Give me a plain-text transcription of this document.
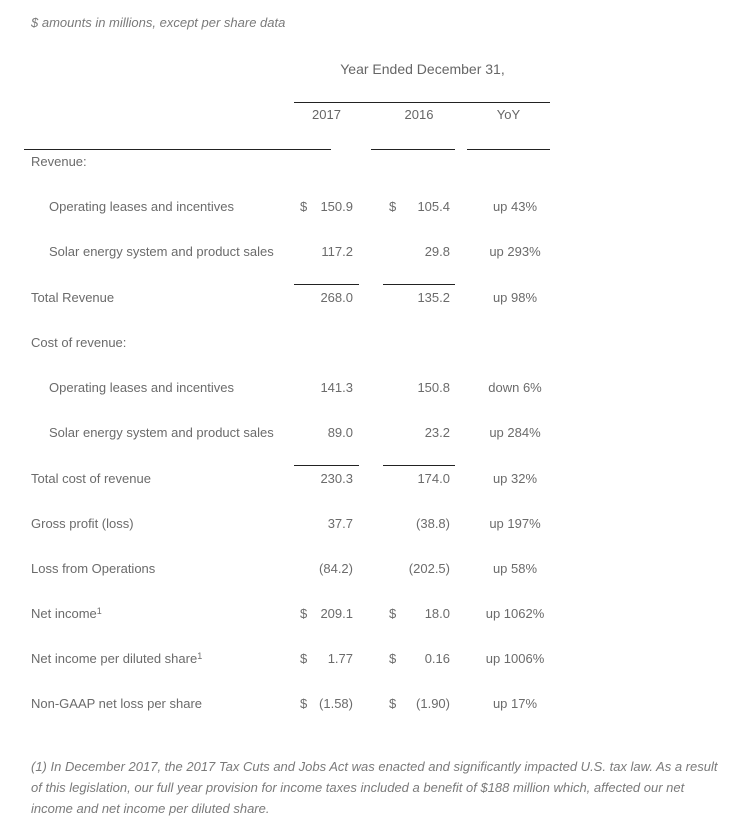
$ amounts in millions, except per share data
Year Ended December 31,
2017	2016	YoY
Revenue:
Operating leases and incentives	$	150.9	$	105.4	up 43%
Solar energy system and product sales	117.2	29.8	up 293%
Total Revenue	268.0	135.2	up 98%
Cost of revenue:
Operating leases and incentives	141.3	150.8	down 6%
Solar energy system and product sales	89.0	23.2	up 284%
Total cost of revenue	230.3	174.0	up 32%
Gross profit (loss)	37.7	(38.8)	up 197%
Loss from Operations	(84.2)	(202.5)	up 58%
Net income$^1$	$	209.1	$	18.0	up 1062%
Net income per diluted share$^1$	$	1.77	$	0.16	up 1006%
Non-GAAP net loss per share	$ (1.58)	$	(1.90)	up 17%
(1) In December 2017, the 2017 Tax Cuts and Jobs Act was enacted and significantly impacted U.S. tax law. As a result of this legislation, our full year provision for income taxes included a benefit of $188 million which, affected our net income and net income per diluted share.
